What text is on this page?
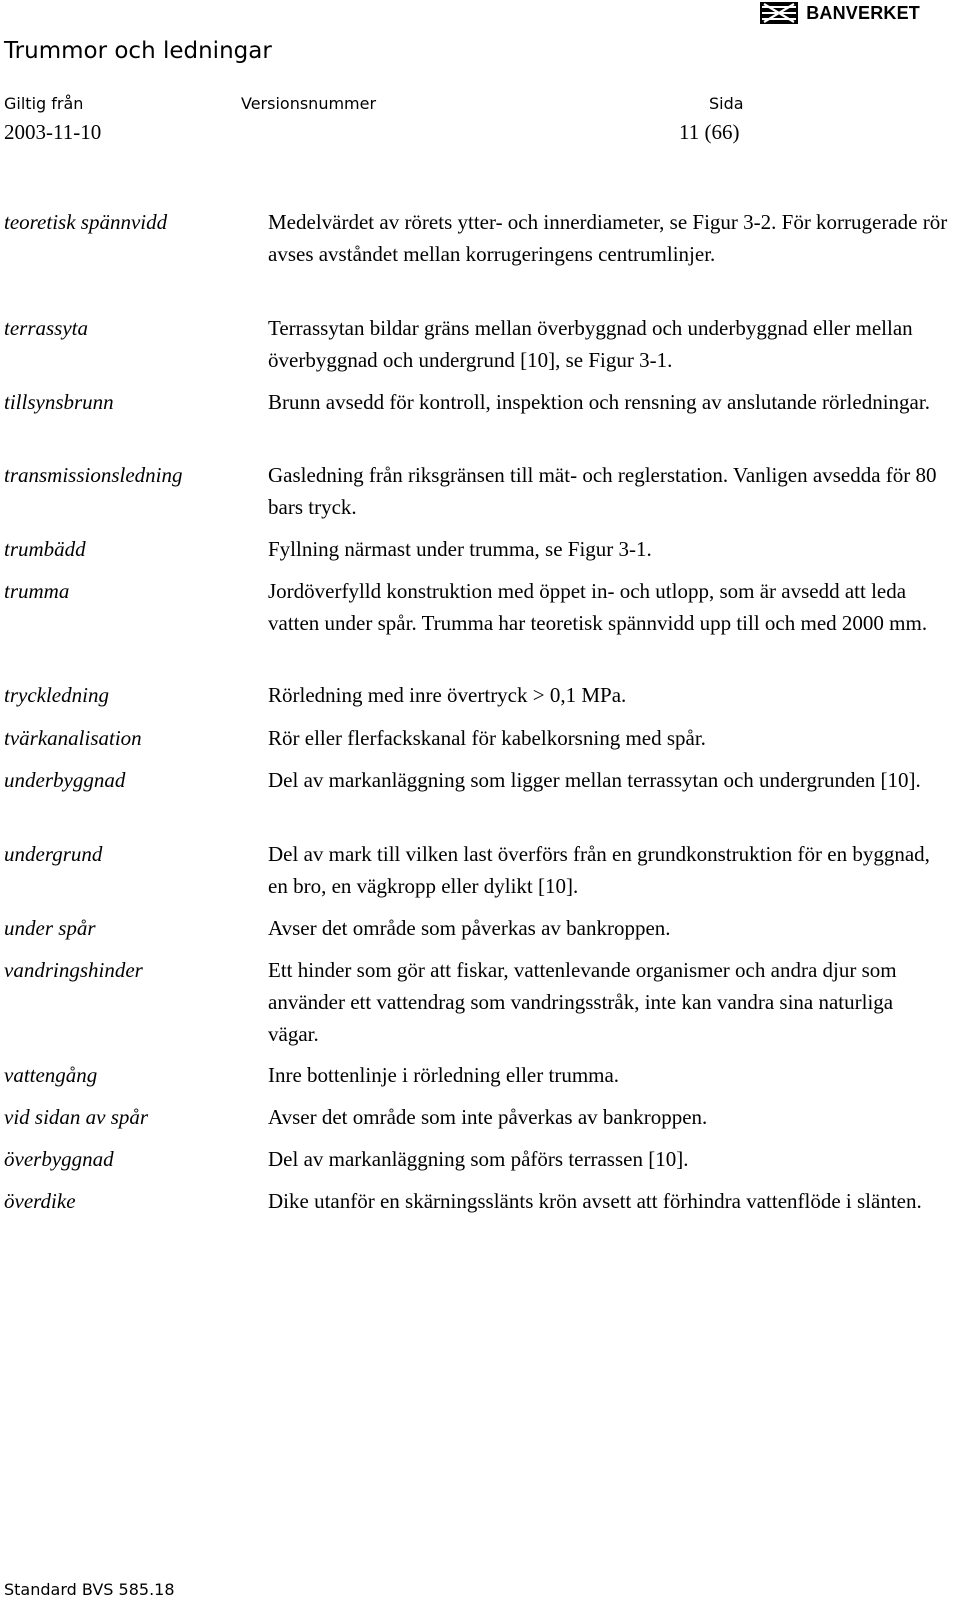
BANVERKET
Trummor och ledningar
Giltig från	Versionsnummer	Sida
2003-11-10	11 (66)
teoretisk spännvidd	Medelvärdet av rörets ytter- och innerdiameter, se Figur 3-2. För korrugerade rör avses avståndet mellan korrugeringens centrumlinjer.
terrassyta	Terrassytan bildar gräns mellan överbyggnad och underbyggnad eller mellan överbyggnad och undergrund [10], se Figur 3-1.
tillsynsbrunn	Brunn avsedd för kontroll, inspektion och rensning av anslutande rörledningar.
transmissionsledning	Gasledning från riksgränsen till mät- och reglerstation. Vanligen avsedda för 80 bars tryck.
trumbädd	Fyllning närmast under trumma, se Figur 3-1.
trumma	Jordöverfylld konstruktion med öppet in- och utlopp, som är avsedd att leda vatten under spår. Trumma har teoretisk spännvidd upp till och med 2000 mm.
tryckledning	Rörledning med inre övertryck > 0,1 MPa.
tvärkanalisation	Rör eller flerfackskanal för kabelkorsning med spår.
underbyggnad	Del av markanläggning som ligger mellan terrassytan och undergrunden [10].
undergrund	Del av mark till vilken last överförs från en grundkonstruktion för en byggnad, en bro, en vägkropp eller dylikt [10].
under spår	Avser det område som påverkas av bankroppen.
vandringshinder	Ett hinder som gör att fiskar, vattenlevande organismer och andra djur som använder ett vattendrag som vandringsstråk, inte kan vandra sina naturliga vägar.
vattengång	Inre bottenlinje i rörledning eller trumma.
vid sidan av spår	Avser det område som inte påverkas av bankroppen.
överbyggnad	Del av markanläggning som påförs terrassen [10].
överdike	Dike utanför en skärningsslänts krön avsett att förhindra vattenflöde i slänten.
Standard BVS 585.18
